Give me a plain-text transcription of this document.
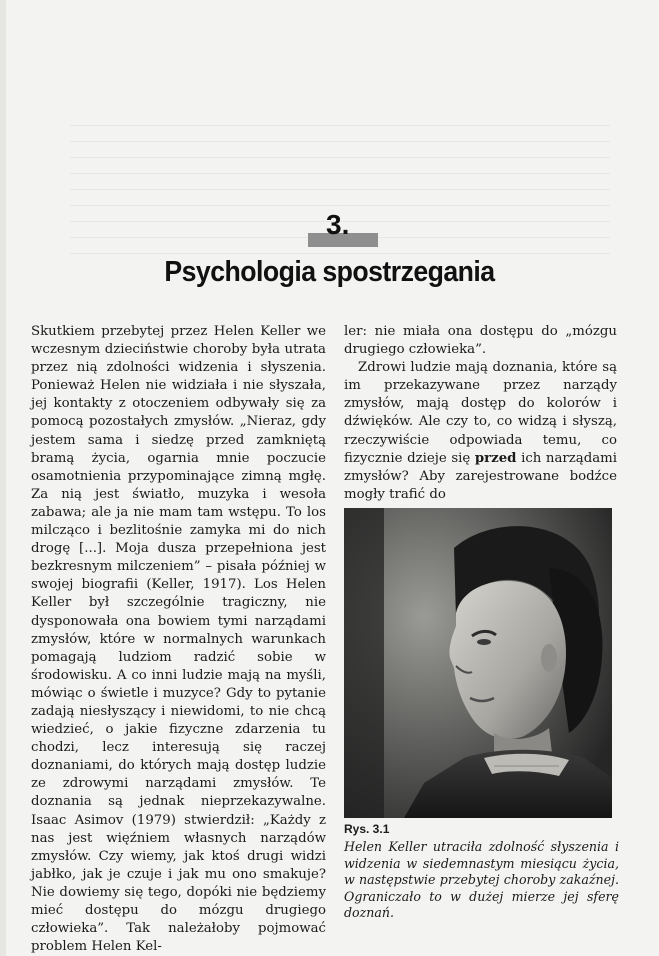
3.
Psychologia spostrzegania

Skutkiem przebytej przez Helen Keller we wczesnym dzieciństwie choroby była utrata przez nią zdolności widzenia i słyszenia. Ponieważ Helen nie widziała i nie słyszała, jej kontakty z otoczeniem odbywały się za pomocą pozostałych zmysłów. „Nieraz, gdy jestem sama i siedzę przed zamkniętą bramą życia, ogarnia mnie poczucie osamotnienia przypominające zimną mgłę. Za nią jest światło, muzyka i wesoła zabawa; ale ja nie mam tam wstępu. To los milcząco i bezlitośnie zamyka mi do nich drogę [...]. Moja dusza przepełniona jest bezkresnym milczeniem” – pisała później w swojej biografii (Keller, 1917). Los Helen Keller był szczególnie tragiczny, nie dysponowała ona bowiem tymi narządami zmysłów, które w normalnych warunkach pomagają ludziom radzić sobie w środowisku. A co inni ludzie mają na myśli, mówiąc o świetle i muzyce? Gdy to pytanie zadają niesłyszący i niewidomi, to nie chcą wiedzieć, o jakie fizyczne zdarzenia tu chodzi, lecz interesują się raczej doznaniami, do których mają dostęp ludzie ze zdrowymi narządami zmysłów. Te doznania są jednak nieprzekazywalne. Isaac Asimov (1979) stwierdził: „Każdy z nas jest więźniem własnych narządów zmysłów. Czy wiemy, jak ktoś drugi widzi jabłko, jak je czuje i jak mu ono smakuje? Nie dowiemy się tego, dopóki nie będziemy mieć dostępu do mózgu drugiego człowieka”. Tak należałoby pojmować problem Helen Kel-

ler: nie miała ona dostępu do „mózgu drugiego człowieka”.

Zdrowi ludzie mają doznania, które są im przekazywane przez narządy zmysłów, mają dostęp do kolorów i dźwięków. Ale czy to, co widzą i słyszą, rzeczywiście odpowiada temu, co fizycznie dzieje się przed ich narządami zmysłów? Aby zarejestrowane bodźce mogły trafić do

Rys. 3.1
Helen Keller utraciła zdolność słyszenia i widzenia w siedemnastym miesiącu życia, w następstwie przebytej choroby zakaźnej. Ograniczało to w dużej mierze jej sferę doznań.
